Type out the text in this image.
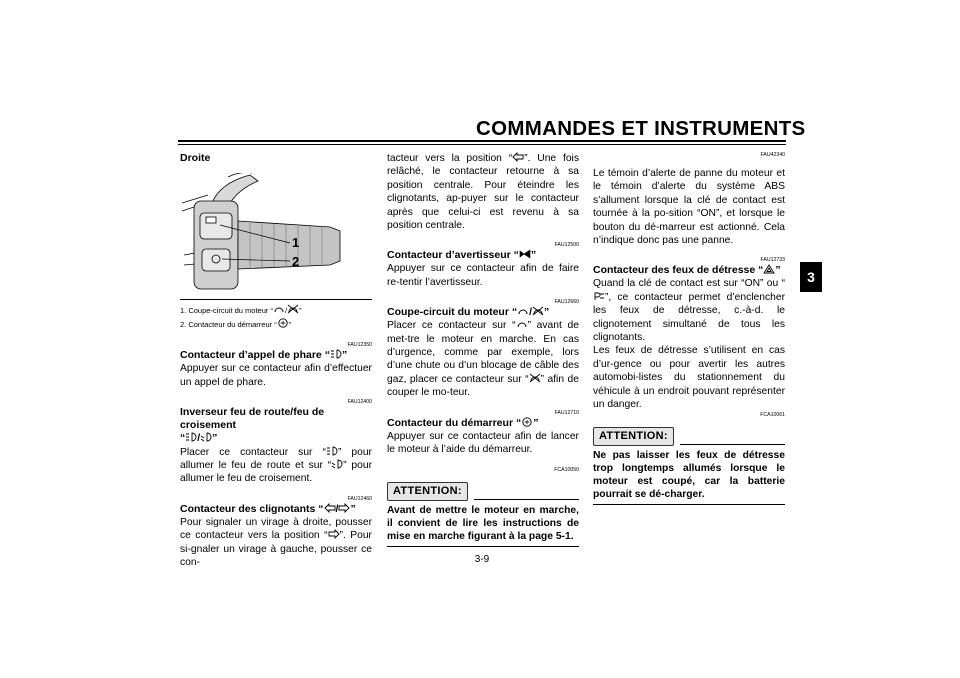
COMMANDES ET INSTRUMENTS
3
Droite
1
2
1. Coupe-circuit du moteur “ / ”
2. Contacteur du démarreur “ ”
FAU12350
Contacteur d’appel de phare “ ”

Appuyer sur ce contacteur afin d’effectuer un appel de phare.

FAU12400
Inverseur feu de route/feu de croisement
“ / ”

Placer ce contacteur sur “ ” pour allumer le feu de route et sur “ ” pour allumer le feu de croisement.

FAU12460
Contacteur des clignotants “ / ”

Pour signaler un virage à droite, pousser ce contacteur vers la position “ ”. Pour si-gnaler un virage à gauche, pousser ce con-

tacteur vers la position “ ”. Une fois relâché, le contacteur retourne à sa position centrale. Pour éteindre les clignotants, ap-puyer sur le contacteur après que celui-ci est revenu à sa position centrale.

FAU12500
Contacteur d’avertisseur “ ”

Appuyer sur ce contacteur afin de faire re-tentir l’avertisseur.

FAU12660
Coupe-circuit du moteur “ / ”

Placer ce contacteur sur “ ” avant de met-tre le moteur en marche. En cas d’urgence, comme par exemple, lors d’une chute ou d’un blocage de câble des gaz, placer ce contacteur sur “ ” afin de couper le mo-teur.

FAU12710
Contacteur du démarreur “ ”

Appuyer sur ce contacteur afin de lancer le moteur à l’aide du démarreur.

FCA10050
ATTENTION:
Avant de mettre le moteur en marche, il convient de lire les instructions de mise en marche figurant à la page 5-1.
FAU42340

Le témoin d’alerte de panne du moteur et le témoin d’alerte du système ABS s’allument lorsque la clé de contact est tournée à la po-sition “ON”, et lorsque le bouton du dé-marreur est actionné. Cela n’indique donc pas une panne.

FAU12733
Contacteur des feux de détresse “ ”

Quand la clé de contact est sur “ON” ou “”, ce contacteur permet d’enclencher les feux de détresse, c.-à-d. le clignotement simultané de tous les clignotants.

Les feux de détresse s’utilisent en cas d’ur-gence ou pour avertir les autres automobi-listes du stationnement du véhicule à un endroit pouvant représenter un danger.

FCA10061
ATTENTION:
Ne pas laisser les feux de détresse trop longtemps allumés lorsque le moteur est coupé, car la batterie pourrait se dé-charger.
3-9
